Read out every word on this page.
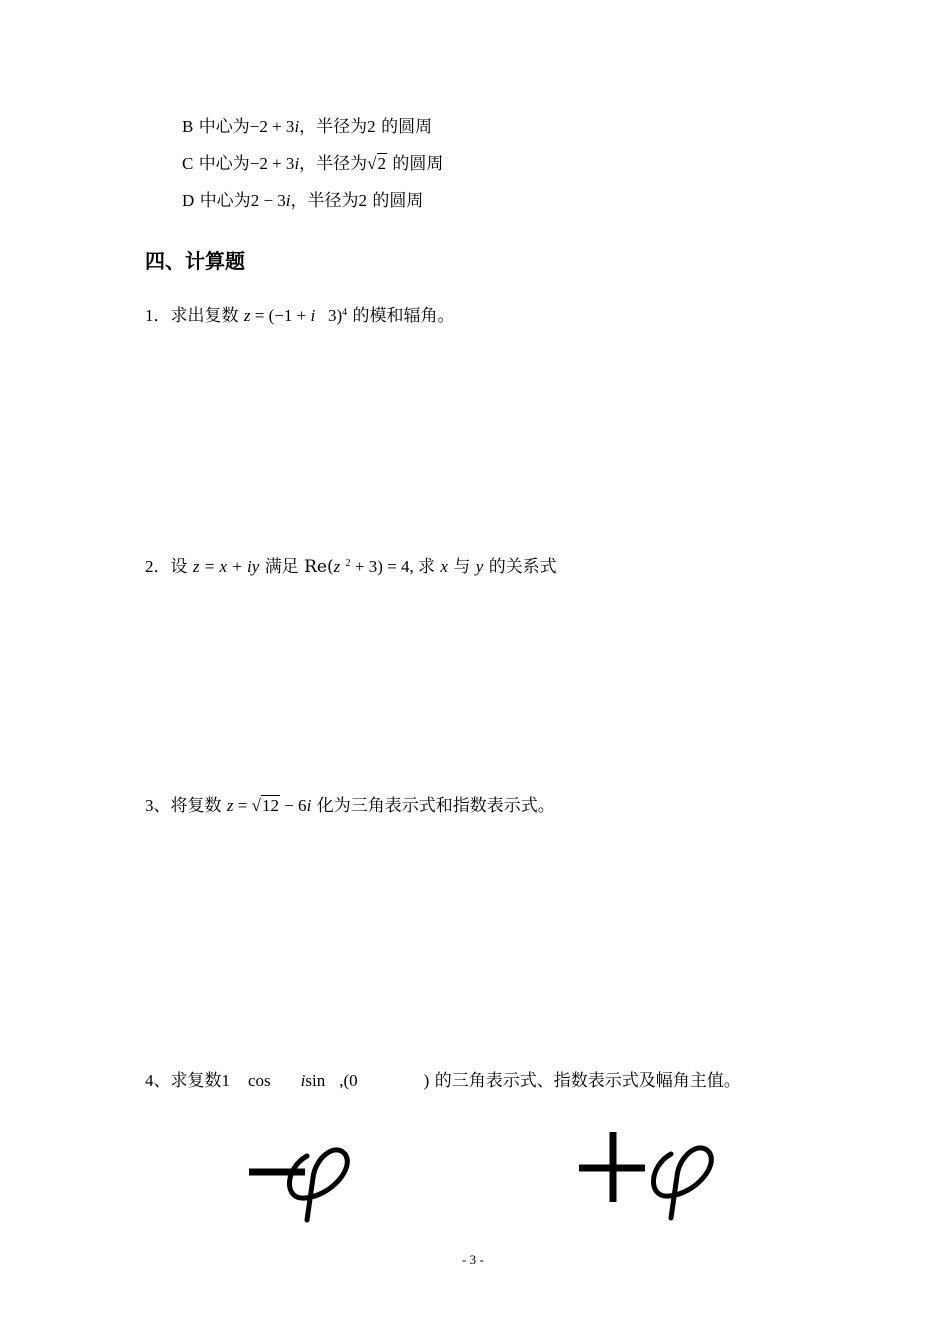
B 中心为−2 + 3i，半径为2 的圆周
C 中心为−2 + 3i，半径为√2 的圆周
D 中心为2 − 3i，半径为2 的圆周
四、计算题
1．求出复数 z = (−1 + i   3)$^4$ 的模和辐角。
2．设 z = x + iy 满足 Re(z $^2$ + 3) = 4, 求 x 与 y 的关系式
3、将复数 z = √12 − 6i 化为三角表示式和指数表示式。
4、求复数1 cos isin ,(0	) 的三角表示式、指数表示式及幅角主值。
- 3 -
